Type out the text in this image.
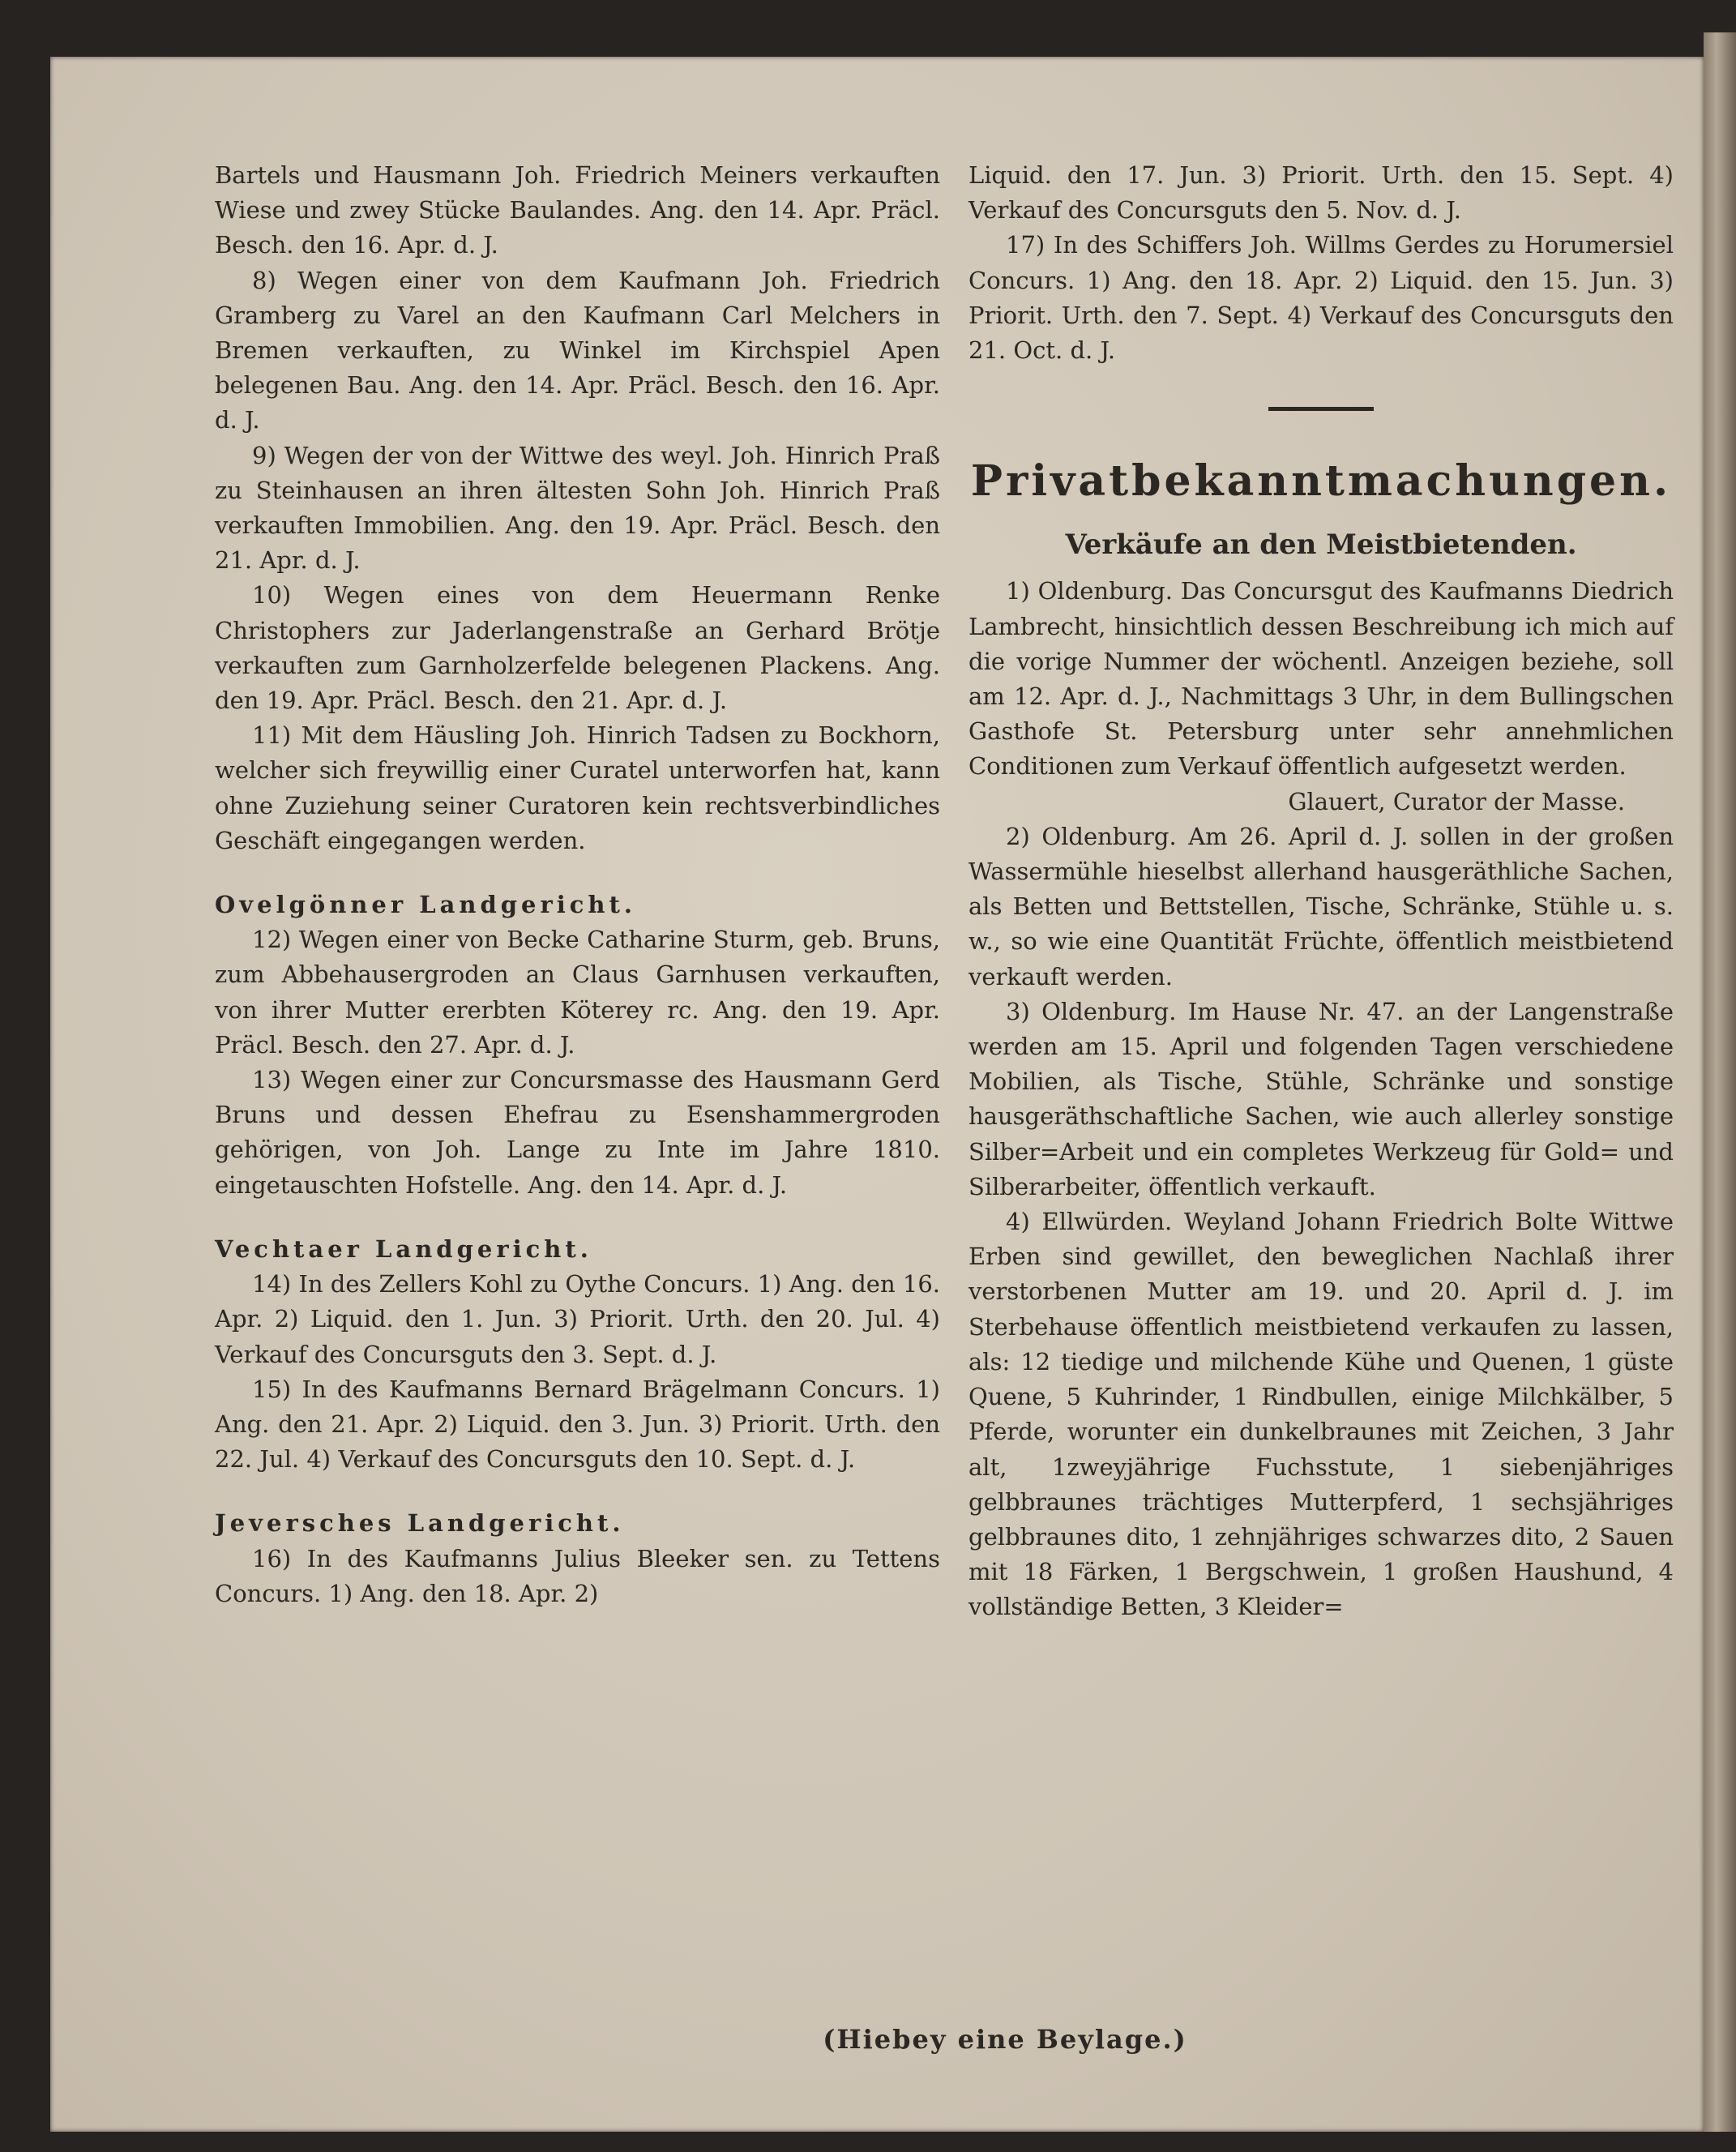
Bartels und Hausmann Joh. Friedrich Meiners verkauften Wiese und zwey Stücke Baulandes. Ang. den 14. Apr. Präcl. Besch. den 16. Apr. d. J.

8) Wegen einer von dem Kaufmann Joh. Friedrich Gramberg zu Varel an den Kaufmann Carl Melchers in Bremen verkauften, zu Winkel im Kirchspiel Apen belegenen Bau. Ang. den 14. Apr. Präcl. Besch. den 16. Apr. d. J.

9) Wegen der von der Wittwe des weyl. Joh. Hinrich Praß zu Steinhausen an ihren ältesten Sohn Joh. Hinrich Praß verkauften Immobilien. Ang. den 19. Apr. Präcl. Besch. den 21. Apr. d. J.

10) Wegen eines von dem Heuermann Renke Christophers zur Jaderlangenstraße an Gerhard Brötje verkauften zum Garnholzerfelde belegenen Plackens. Ang. den 19. Apr. Präcl. Besch. den 21. Apr. d. J.

11) Mit dem Häusling Joh. Hinrich Tadsen zu Bockhorn, welcher sich freywillig einer Curatel unterworfen hat, kann ohne Zuziehung seiner Curatoren kein rechtsverbindliches Geschäft eingegangen werden.

Ovelgönner Landgericht.

12) Wegen einer von Becke Catharine Sturm, geb. Bruns, zum Abbehausergroden an Claus Garnhusen verkauften, von ihrer Mutter ererbten Köterey rc. Ang. den 19. Apr. Präcl. Besch. den 27. Apr. d. J.

13) Wegen einer zur Concursmasse des Hausmann Gerd Bruns und dessen Ehefrau zu Esenshammergroden gehörigen, von Joh. Lange zu Inte im Jahre 1810. eingetauschten Hofstelle. Ang. den 14. Apr. d. J.

Vechtaer Landgericht.

14) In des Zellers Kohl zu Oythe Concurs. 1) Ang. den 16. Apr. 2) Liquid. den 1. Jun. 3) Priorit. Urth. den 20. Jul. 4) Verkauf des Concursguts den 3. Sept. d. J.

15) In des Kaufmanns Bernard Brägelmann Concurs. 1) Ang. den 21. Apr. 2) Liquid. den 3. Jun. 3) Priorit. Urth. den 22. Jul. 4) Verkauf des Concursguts den 10. Sept. d. J.

Jeversches Landgericht.

16) In des Kaufmanns Julius Bleeker sen. zu Tettens Concurs. 1) Ang. den 18. Apr. 2)

Liquid. den 17. Jun. 3) Priorit. Urth. den 15. Sept. 4) Verkauf des Concursguts den 5. Nov. d. J.

17) In des Schiffers Joh. Willms Gerdes zu Horumersiel Concurs. 1) Ang. den 18. Apr. 2) Liquid. den 15. Jun. 3) Priorit. Urth. den 7. Sept. 4) Verkauf des Concursguts den 21. Oct. d. J.

Privatbekanntmachungen.

Verkäufe an den Meistbietenden.

1) Oldenburg. Das Concursgut des Kaufmanns Diedrich Lambrecht, hinsichtlich dessen Beschreibung ich mich auf die vorige Nummer der wöchentl. Anzeigen beziehe, soll am 12. Apr. d. J., Nachmittags 3 Uhr, in dem Bullingschen Gasthofe St. Petersburg unter sehr annehmlichen Conditionen zum Verkauf öffentlich aufgesetzt werden.

Glauert, Curator der Masse.

2) Oldenburg. Am 26. April d. J. sollen in der großen Wassermühle hieselbst allerhand hausgeräthliche Sachen, als Betten und Bettstellen, Tische, Schränke, Stühle u. s. w., so wie eine Quantität Früchte, öffentlich meistbietend verkauft werden.

3) Oldenburg. Im Hause Nr. 47. an der Langenstraße werden am 15. April und folgenden Tagen verschiedene Mobilien, als Tische, Stühle, Schränke und sonstige hausgeräthschaftliche Sachen, wie auch allerley sonstige Silber=Arbeit und ein completes Werkzeug für Gold= und Silberarbeiter, öffentlich verkauft.

4) Ellwürden. Weyland Johann Friedrich Bolte Wittwe Erben sind gewillet, den beweglichen Nachlaß ihrer verstorbenen Mutter am 19. und 20. April d. J. im Sterbehause öffentlich meistbietend verkaufen zu lassen, als: 12 tiedige und milchende Kühe und Quenen, 1 güste Quene, 5 Kuhrinder, 1 Rindbullen, einige Milchkälber, 5 Pferde, worunter ein dunkelbraunes mit Zeichen, 3 Jahr alt, 1zweyjährige Fuchsstute, 1 siebenjähriges gelbbraunes trächtiges Mutterpferd, 1 sechsjähriges gelbbraunes dito, 1 zehnjähriges schwarzes dito, 2 Sauen mit 18 Färken, 1 Bergschwein, 1 großen Haushund, 4 vollständige Betten, 3 Kleider=

(Hiebey eine Beylage.)
